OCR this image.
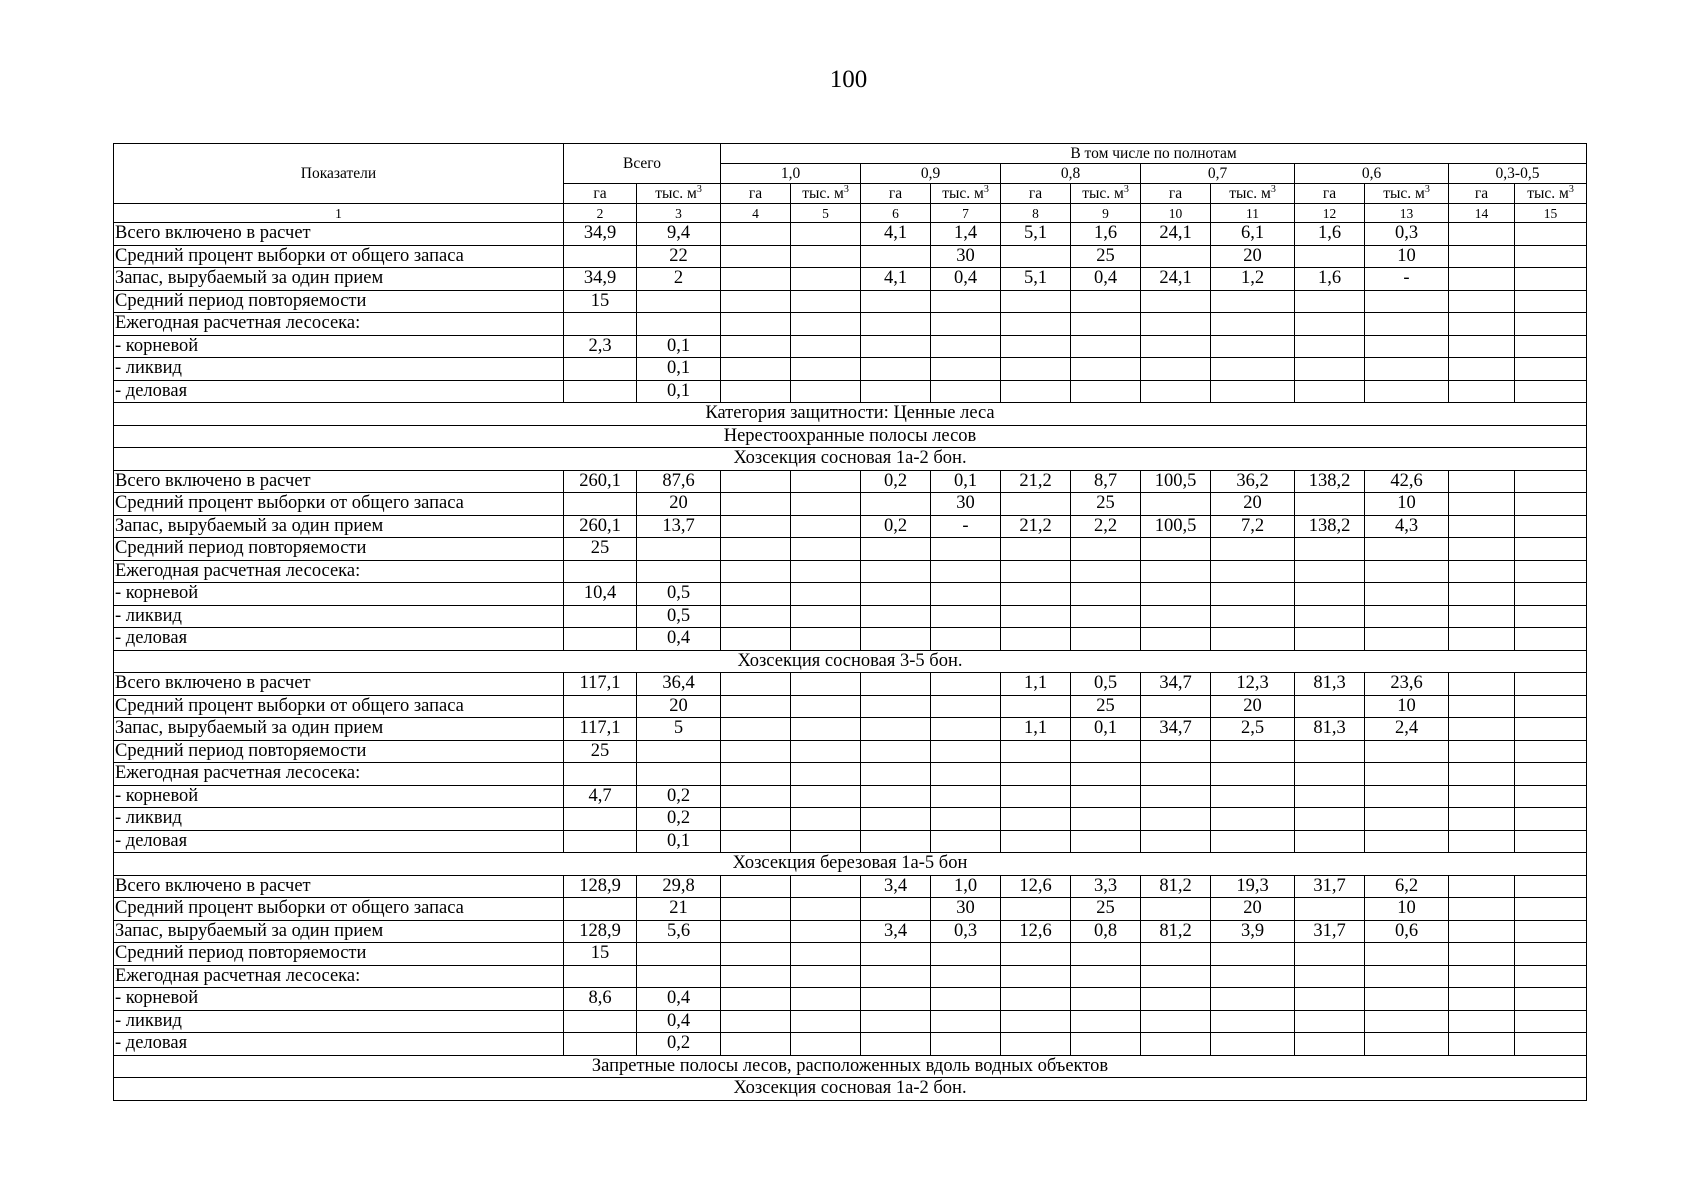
100
Показатели	Всего		В том числе по полнотам											
			1,0		0,9		0,8		0,7		0,6		0,3-0,5	
	га	тыс. $м^3$	га	тыс. $м^3$	га	тыс. $м^3$	га	тыс. $м^3$	га	тыс. $м^3$	га	тыс. $м^3$	га	тыс. $м^3$
1	2	3	4	5	6	7	8	9	10	11	12	13	14	15
Всего включено в расчет	34,9	9,4			4,1	1,4	5,1	1,6	24,1	6,1	1,6	0,3		
Средний процент выборки от общего запаса		22				30		25		20		10		
Запас, вырубаемый за один прием	34,9	2			4,1	0,4	5,1	0,4	24,1	1,2	1,6	-		
Средний период повторяемости	15													
Ежегодная расчетная лесосека:														
- корневой	2,3	0,1												
- ликвид		0,1												
- деловая		0,1												
Категория защитности: Ценные леса														
Нерестоохранные полосы лесов														
Хозсекция сосновая 1а-2 бон.														
Всего включено в расчет	260,1	87,6			0,2	0,1	21,2	8,7	100,5	36,2	138,2	42,6		
Средний процент выборки от общего запаса		20				30		25		20		10		
Запас, вырубаемый за один прием	260,1	13,7			0,2	-	21,2	2,2	100,5	7,2	138,2	4,3		
Средний период повторяемости	25													
Ежегодная расчетная лесосека:														
- корневой	10,4	0,5												
- ликвид		0,5												
- деловая		0,4												
Хозсекция сосновая 3-5 бон.														
Всего включено в расчет	117,1	36,4					1,1	0,5	34,7	12,3	81,3	23,6		
Средний процент выборки от общего запаса		20						25		20		10		
Запас, вырубаемый за один прием	117,1	5					1,1	0,1	34,7	2,5	81,3	2,4		
Средний период повторяемости	25													
Ежегодная расчетная лесосека:														
- корневой	4,7	0,2												
- ликвид		0,2												
- деловая		0,1												
Хозсекция березовая 1а-5 бон														
Всего включено в расчет	128,9	29,8			3,4	1,0	12,6	3,3	81,2	19,3	31,7	6,2		
Средний процент выборки от общего запаса		21				30		25		20		10		
Запас, вырубаемый за один прием	128,9	5,6			3,4	0,3	12,6	0,8	81,2	3,9	31,7	0,6		
Средний период повторяемости	15													
Ежегодная расчетная лесосека:														
- корневой	8,6	0,4												
- ликвид		0,4												
- деловая		0,2												
Запретные полосы лесов, расположенных вдоль водных объектов														
Хозсекция сосновая 1а-2 бон.														
